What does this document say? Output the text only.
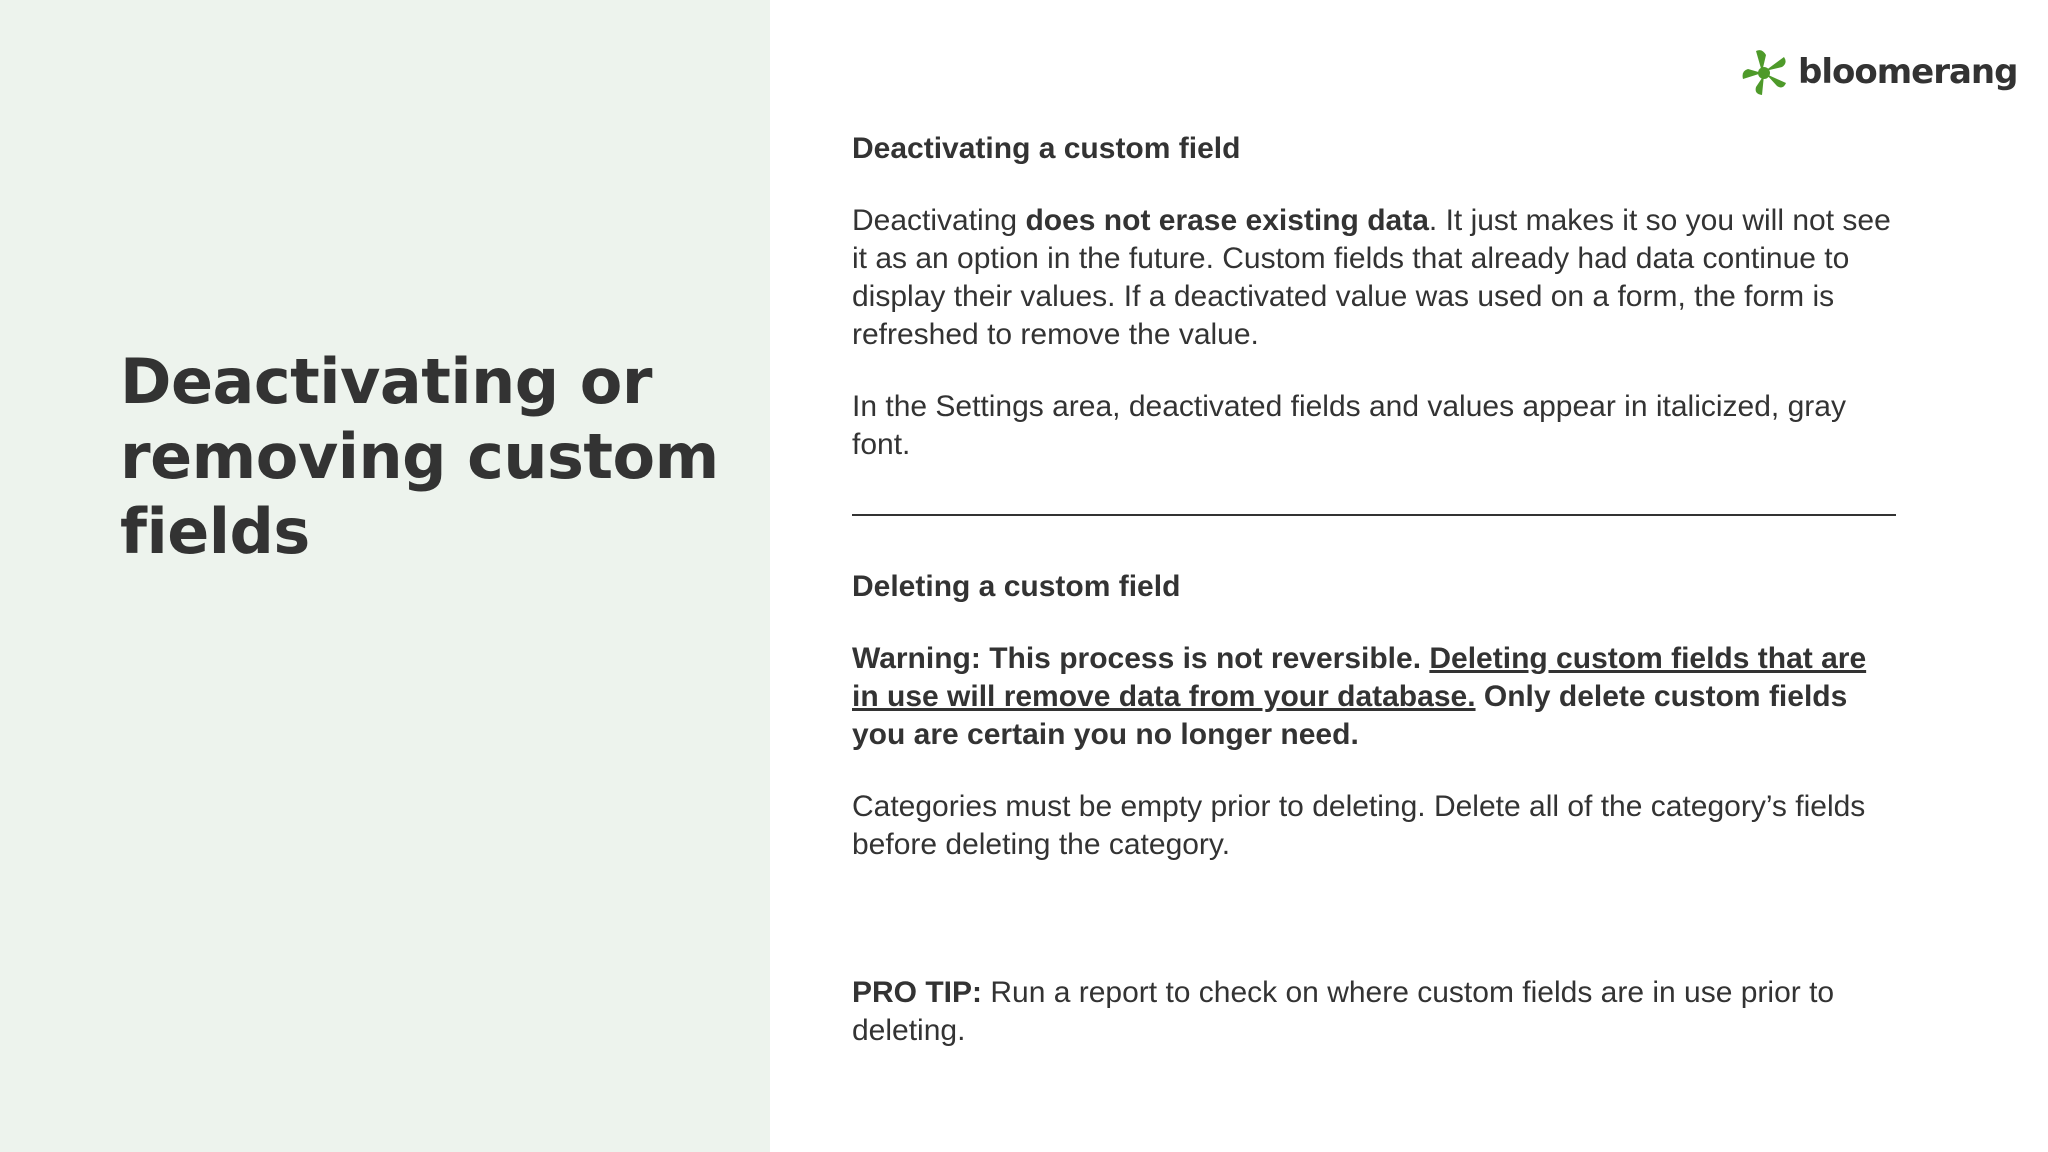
Deactivating or removing custom fields
bloomerang

Deactivating a custom field

Deactivating does not erase existing data. It just makes it so you will not see it as an option in the future. Custom fields that already had data continue to display their values. If a deactivated value was used on a form, the form is refreshed to remove the value.

In the Settings area, deactivated fields and values appear in italicized, gray font.

Deleting a custom field

Warning: This process is not reversible. Deleting custom fields that are in use will remove data from your database. Only delete custom fields you are certain you no longer need.

Categories must be empty prior to deleting. Delete all of the category’s fields before deleting the category.

PRO TIP: Run a report to check on where custom fields are in use prior to deleting.
